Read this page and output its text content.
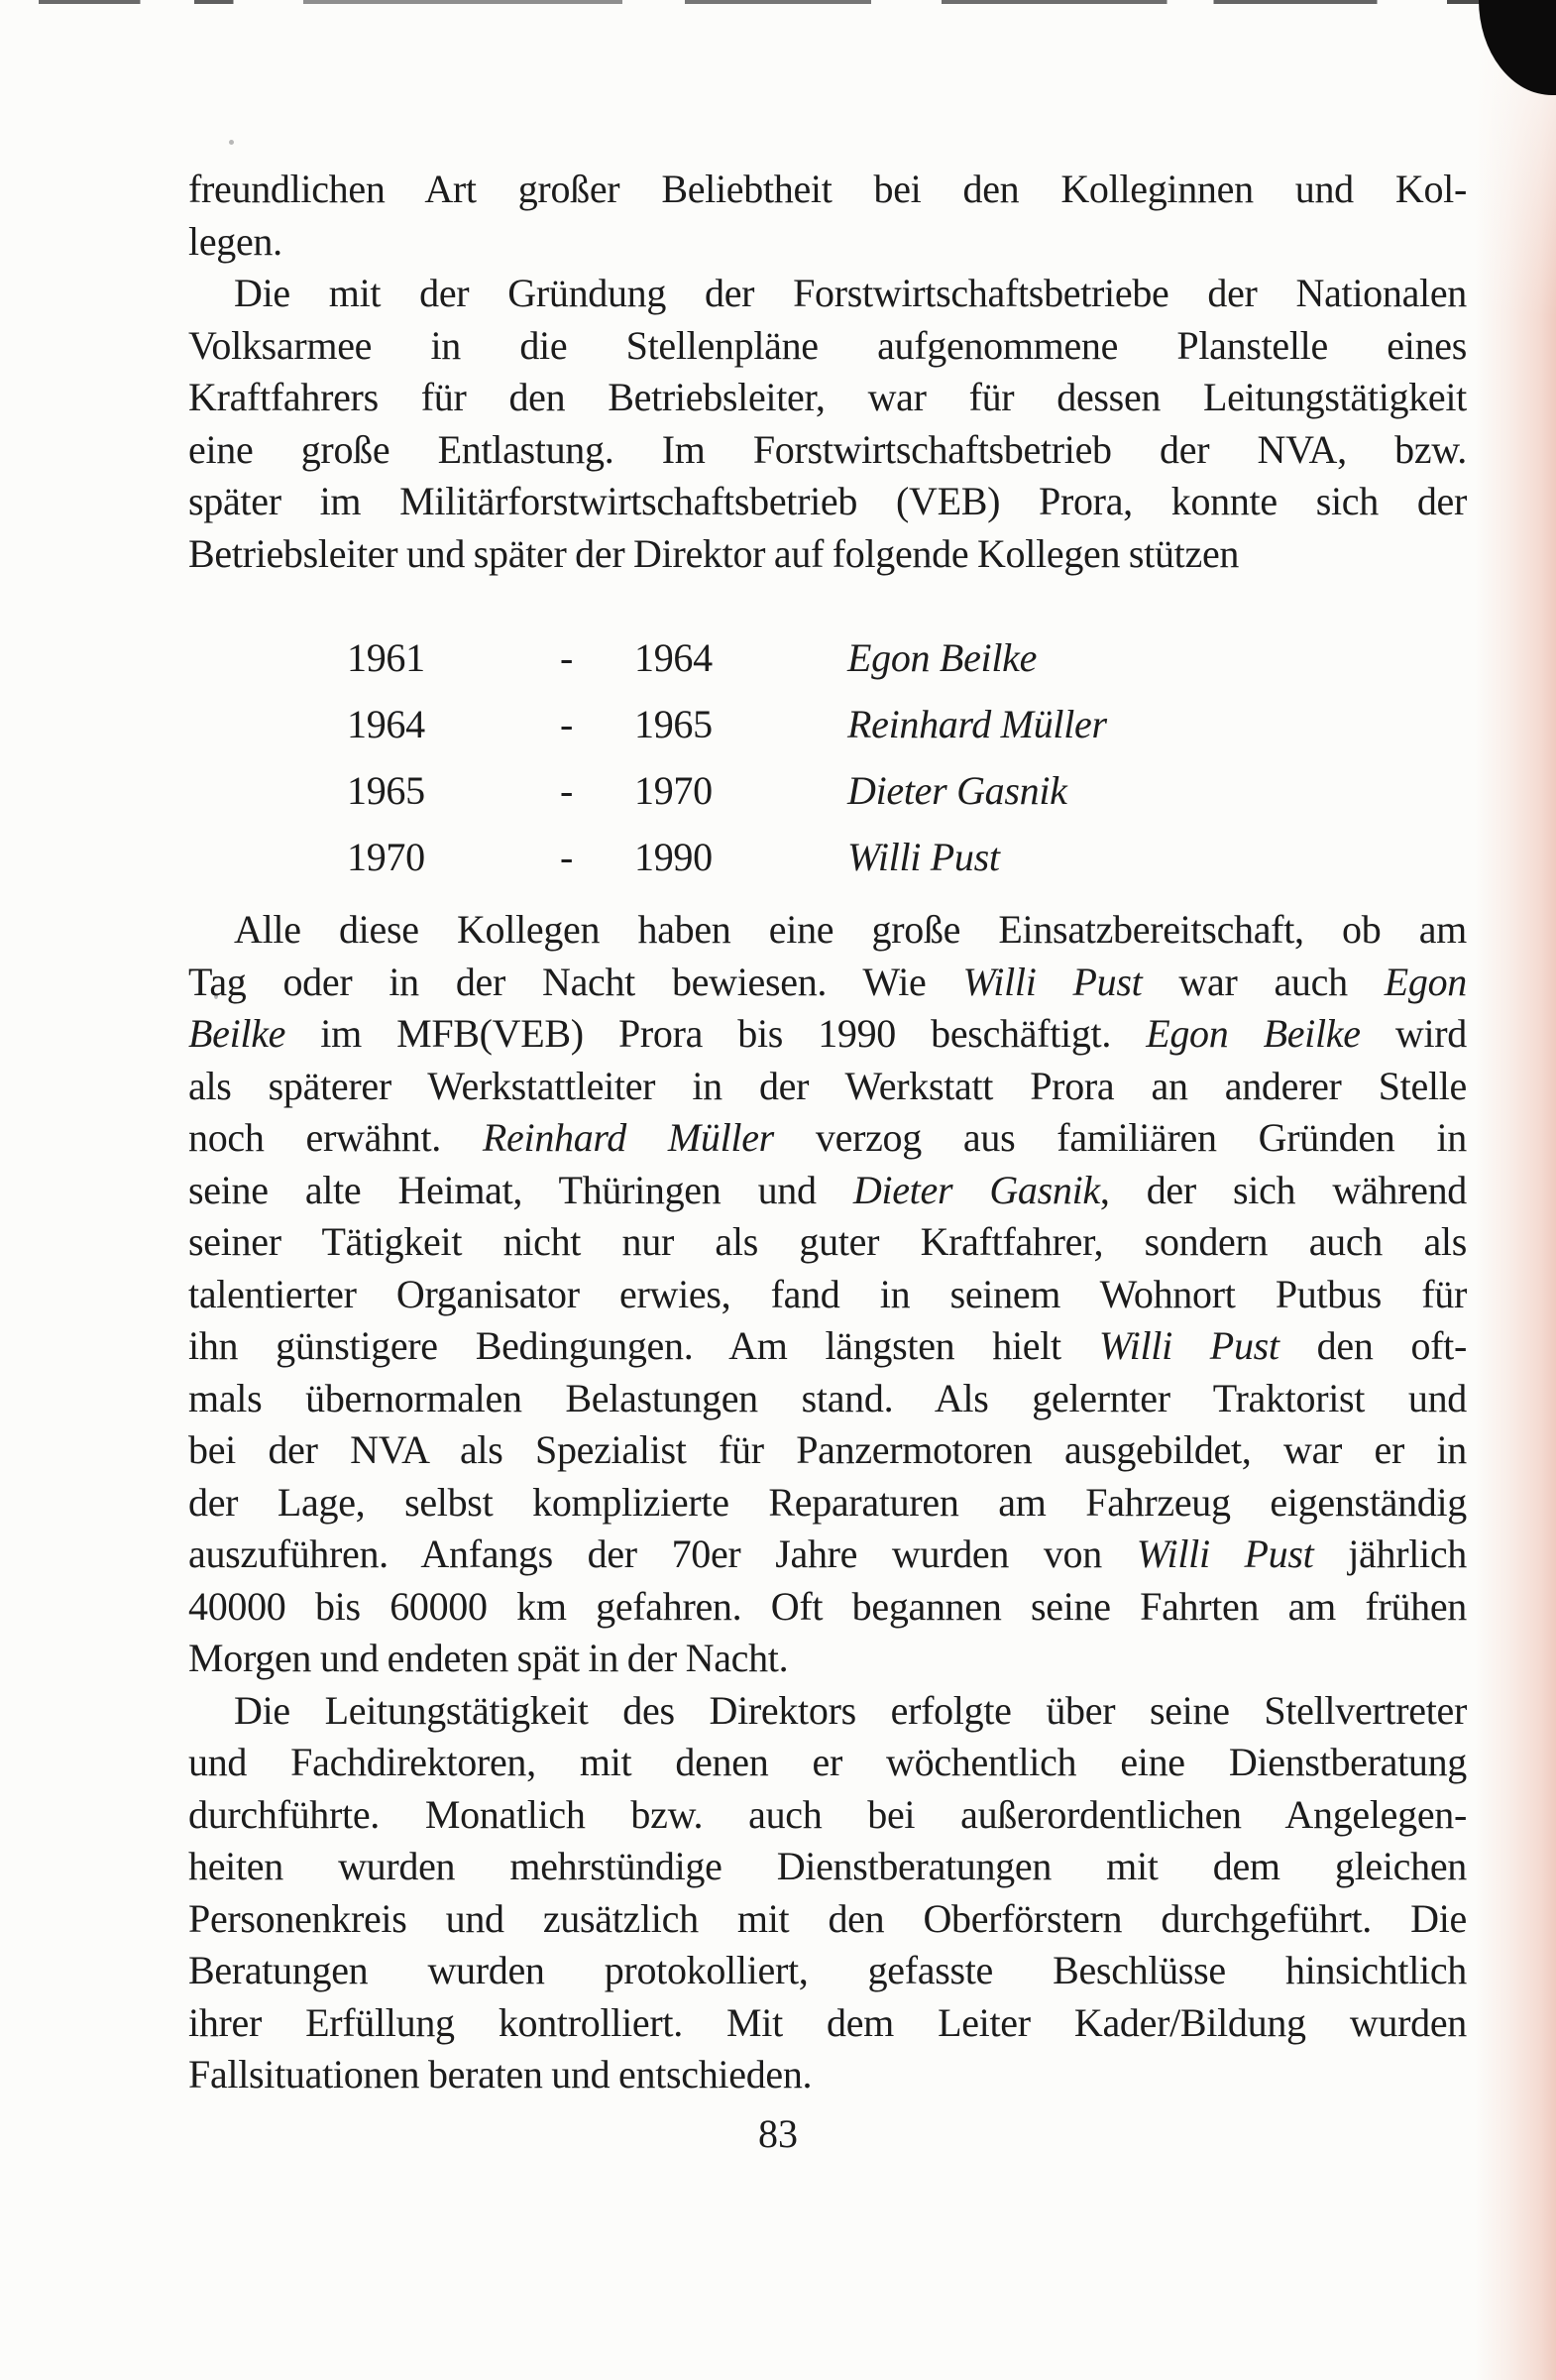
freundlichen Art großer Beliebtheit bei den Kolleginnen und Kol-
legen.
Die mit der Gründung der Forstwirtschaftsbetriebe der Nationalen
Volksarmee in die Stellenpläne aufgenommene Planstelle eines
Kraftfahrers für den Betriebsleiter, war für dessen Leitungstätigkeit
eine große Entlastung. Im Forstwirtschaftsbetrieb der NVA, bzw.
später im Militärforstwirtschaftsbetrieb (VEB) Prora, konnte sich der
Betriebsleiter und später der Direktor auf folgende Kollegen stützen
1961	-	1964	Egon Beilke
1964	-	1965	Reinhard Müller
1965	-	1970	Dieter Gasnik
1970	-	1990	Willi Pust
Alle diese Kollegen haben eine große Einsatzbereitschaft, ob am
Tag oder in der Nacht bewiesen. Wie Willi Pust war auch Egon
Beilke im MFB(VEB) Prora bis 1990 beschäftigt. Egon Beilke wird
als späterer Werkstattleiter in der Werkstatt Prora an anderer Stelle
noch erwähnt. Reinhard Müller verzog aus familiären Gründen in
seine alte Heimat, Thüringen und Dieter Gasnik, der sich während
seiner Tätigkeit nicht nur als guter Kraftfahrer, sondern auch als
talentierter Organisator erwies, fand in seinem Wohnort Putbus für
ihn günstigere Bedingungen. Am längsten hielt Willi Pust den oft-
mals übernormalen Belastungen stand. Als gelernter Traktorist und
bei der NVA als Spezialist für Panzermotoren ausgebildet, war er in
der Lage, selbst komplizierte Reparaturen am Fahrzeug eigenständig
auszuführen. Anfangs der 70er Jahre wurden von Willi Pust jährlich
40000 bis 60000 km gefahren. Oft begannen seine Fahrten am frühen
Morgen und endeten spät in der Nacht.
Die Leitungstätigkeit des Direktors erfolgte über seine Stellvertreter
und Fachdirektoren, mit denen er wöchentlich eine Dienstberatung
durchführte. Monatlich bzw. auch bei außerordentlichen Angelegen-
heiten wurden mehrstündige Dienstberatungen mit dem gleichen
Personenkreis und zusätzlich mit den Oberförstern durchgeführt. Die
Beratungen wurden protokolliert, gefasste Beschlüsse hinsichtlich
ihrer Erfüllung kontrolliert. Mit dem Leiter Kader/Bildung wurden
Fallsituationen beraten und entschieden.
83
